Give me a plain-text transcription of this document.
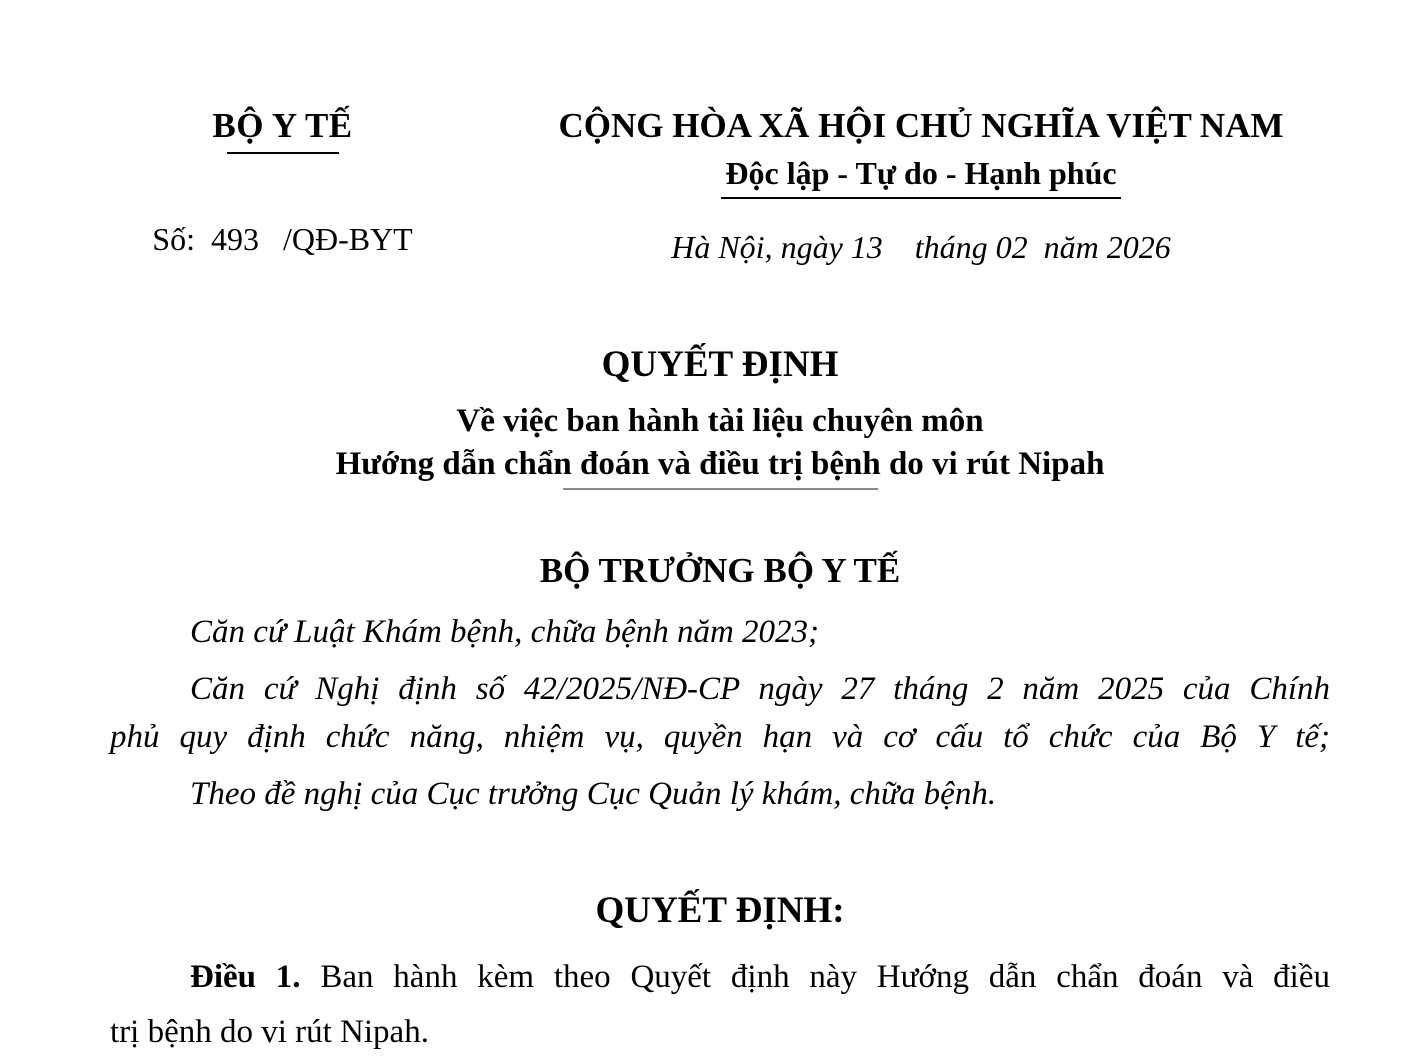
BỘ Y TẾ
Số:  493   /QĐ-BYT
CỘNG HÒA XÃ HỘI CHỦ NGHĨA VIỆT NAM
Độc lập - Tự do - Hạnh phúc
Hà Nội, ngày 13    tháng 02  năm 2026
QUYẾT ĐỊNH
Về việc ban hành tài liệu chuyên môn
Hướng dẫn chẩn đoán và điều trị bệnh do vi rút Nipah
BỘ TRƯỞNG BỘ Y TẾ

Căn cứ Luật Khám bệnh, chữa bệnh năm 2023;

Căn cứ Nghị định số 42/2025/NĐ-CP ngày 27 tháng 2 năm 2025 của Chính

phủ quy định chức năng, nhiệm vụ, quyền hạn và cơ cấu tổ chức của Bộ Y tế;

Theo đề nghị của Cục trưởng Cục Quản lý khám, chữa bệnh.

QUYẾT ĐỊNH:
Điều 1. Ban hành kèm theo Quyết định này Hướng dẫn chẩn đoán và điều
trị bệnh do vi rút Nipah.
